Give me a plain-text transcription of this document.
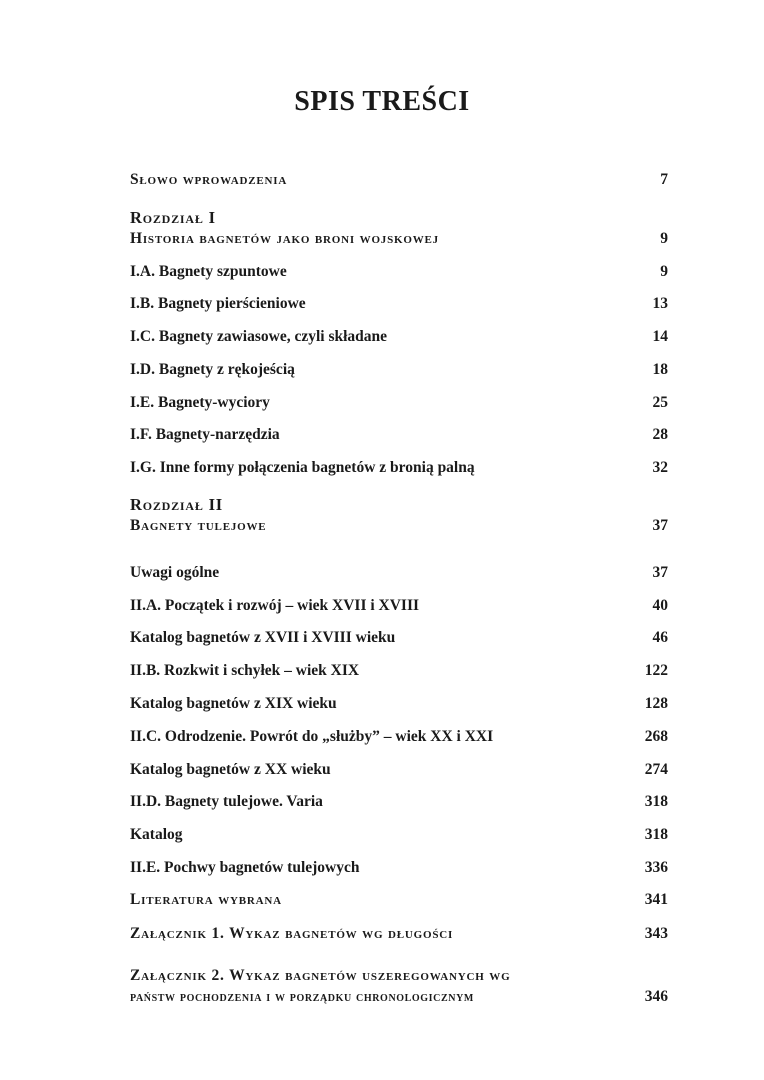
SPIS TREŚCI
Słowo wprowadzenia	7
Rozdział I
Historia bagnetów jako broni wojskowej	9
I.A. Bagnety szpuntowe	9
I.B. Bagnety pierścieniowe	13
I.C. Bagnety zawiasowe, czyli składane	14
I.D. Bagnety z rękojeścią	18
I.E. Bagnety-wyciory	25
I.F. Bagnety-narzędzia	28
I.G. Inne formy połączenia bagnetów z bronią palną	32
Rozdział II
Bagnety tulejowe	37
Uwagi ogólne	37
II.A. Początek i rozwój – wiek XVII i XVIII	40
Katalog bagnetów z XVII i XVIII wieku	46
II.B. Rozkwit i schyłek – wiek XIX	122
Katalog bagnetów z XIX wieku	128
II.C. Odrodzenie. Powrót do „służby” – wiek XX i XXI	268
Katalog bagnetów z XX wieku	274
II.D. Bagnety tulejowe. Varia	318
Katalog	318
II.E. Pochwy bagnetów tulejowych	336
Literatura wybrana	341
Załącznik 1. Wykaz bagnetów wg długości	343
Załącznik 2. Wykaz bagnetów uszeregowanych wg
państw pochodzenia i w porządku chronologicznym	346
